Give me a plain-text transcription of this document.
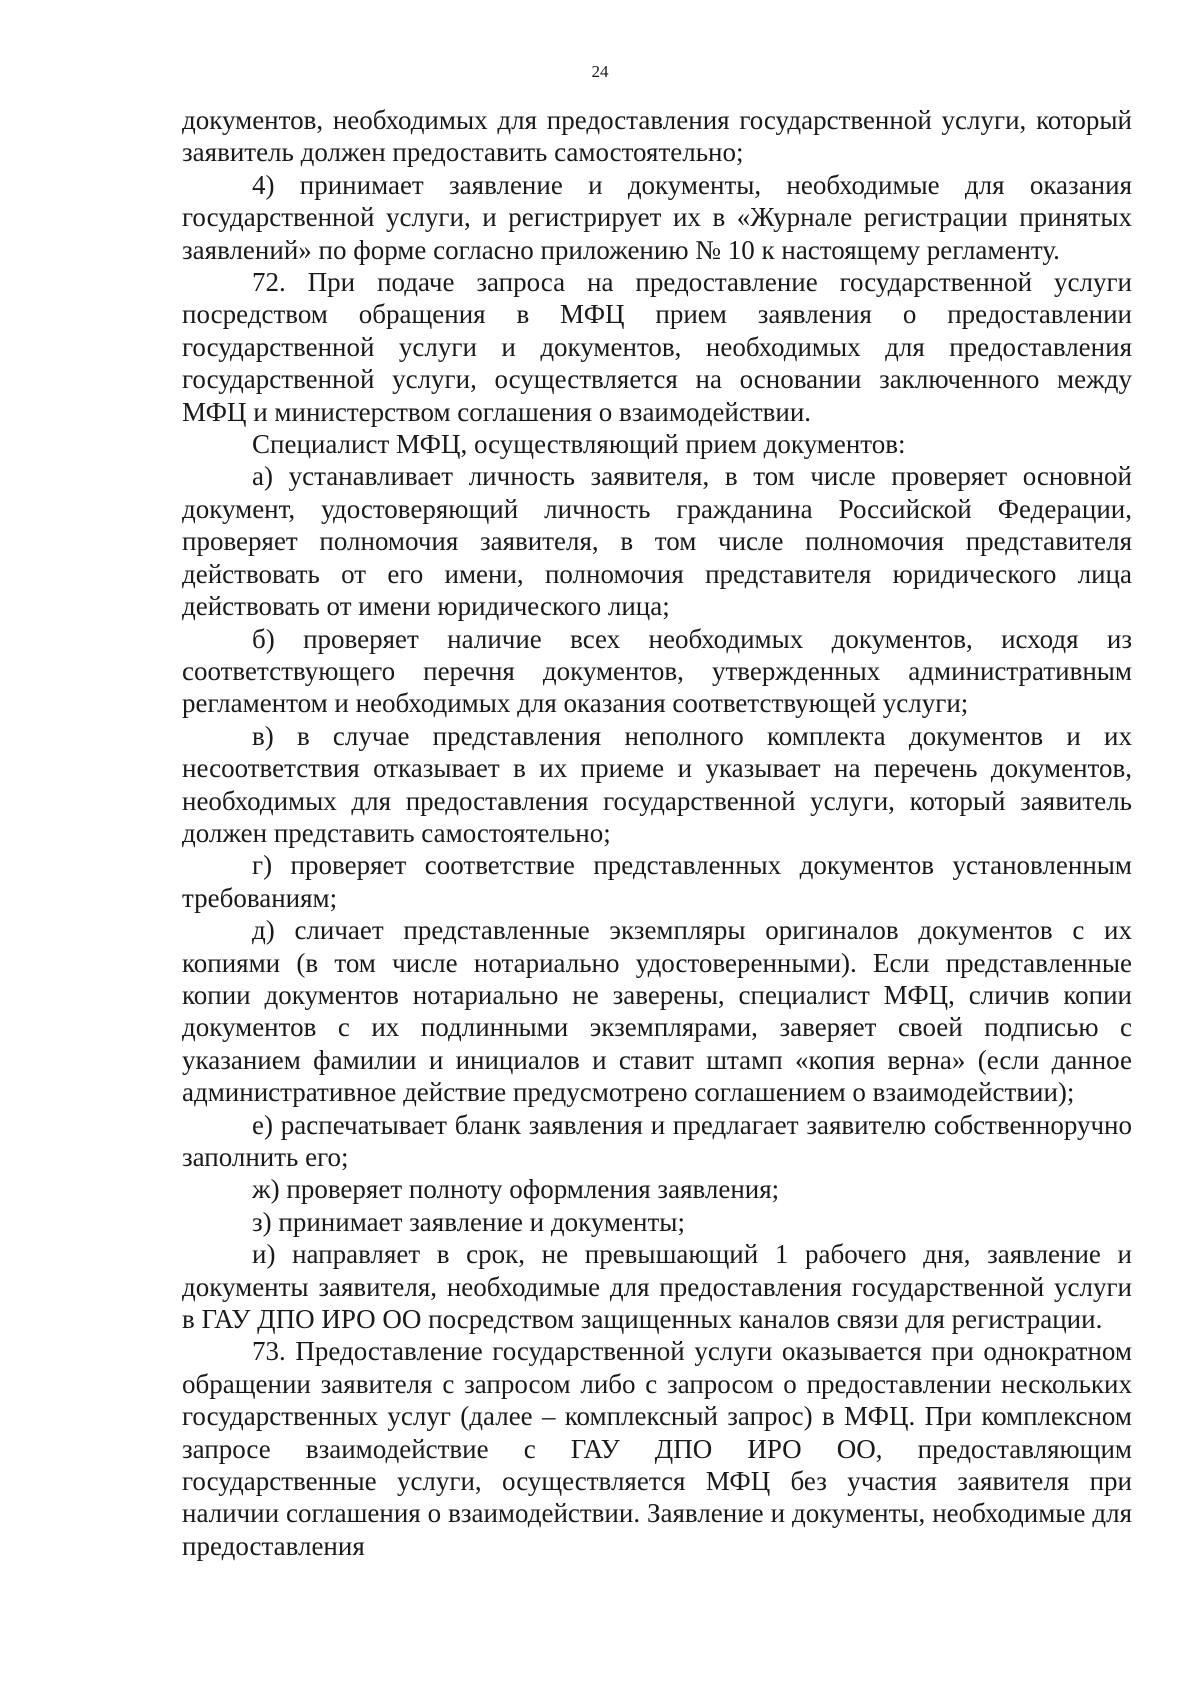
24

документов, необходимых для предоставления государственной услуги, который заявитель должен предоставить самостоятельно;

4) принимает заявление и документы, необходимые для оказания государственной услуги, и регистрирует их в «Журнале регистрации принятых заявлений» по форме согласно приложению № 10 к настоящему регламенту.

72. При подаче запроса на предоставление государственной услуги посредством обращения в МФЦ прием заявления о предоставлении государственной услуги и документов, необходимых для предоставления государственной услуги, осуществляется на основании заключенного между МФЦ и министерством соглашения о взаимодействии.

Специалист МФЦ, осуществляющий прием документов:

а) устанавливает личность заявителя, в том числе проверяет основной документ, удостоверяющий личность гражданина Российской Федерации, проверяет полномочия заявителя, в том числе полномочия представителя действовать от его имени, полномочия представителя юридического лица действовать от имени юридического лица;

б) проверяет наличие всех необходимых документов, исходя из соответствующего перечня документов, утвержденных административным регламентом и необходимых для оказания соответствующей услуги;

в) в случае представления неполного комплекта документов и их несоответствия отказывает в их приеме и указывает на перечень документов, необходимых для предоставления государственной услуги, который заявитель должен представить самостоятельно;

г) проверяет соответствие представленных документов установленным требованиям;

д) сличает представленные экземпляры оригиналов документов с их копиями (в том числе нотариально удостоверенными). Если представленные копии документов нотариально не заверены, специалист МФЦ, сличив копии документов с их подлинными экземплярами, заверяет своей подписью с указанием фамилии и инициалов и ставит штамп «копия верна» (если данное административное действие предусмотрено соглашением о взаимодействии);

е) распечатывает бланк заявления и предлагает заявителю собственноручно заполнить его;

ж) проверяет полноту оформления заявления;

з) принимает заявление и документы;

и) направляет в срок, не превышающий 1 рабочего дня, заявление и документы заявителя, необходимые для предоставления государственной услуги в ГАУ ДПО ИРО ОО посредством защищенных каналов связи для регистрации.

73. Предоставление государственной услуги оказывается при однократном обращении заявителя с запросом либо с запросом о предоставлении нескольких государственных услуг (далее – комплексный запрос) в МФЦ. При комплексном запросе взаимодействие с ГАУ ДПО ИРО ОО, предоставляющим государственные услуги, осуществляется МФЦ без участия заявителя при наличии соглашения о взаимодействии. Заявление и документы, необходимые для предоставления
